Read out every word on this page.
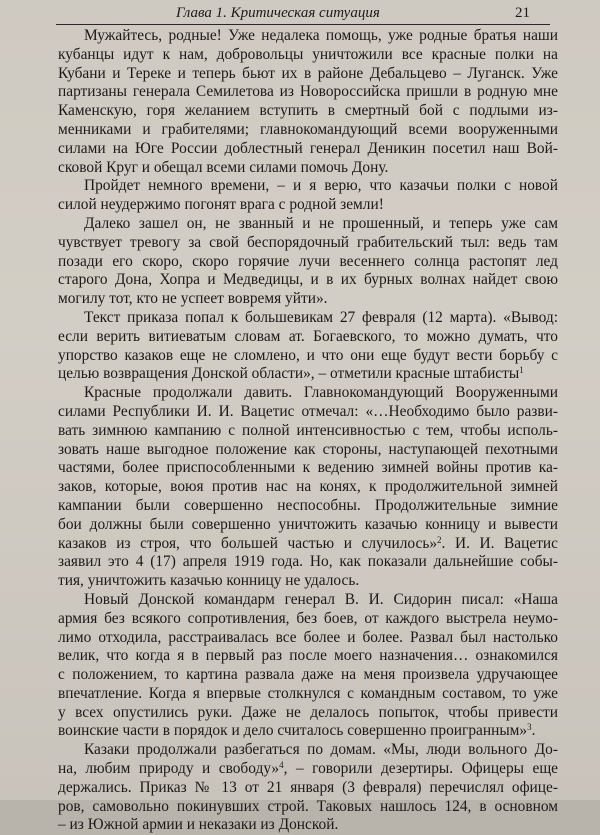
Глава 1. Критическая ситуация	21

Мужайтесь, родные! Уже недалека помощь, уже родные братья наши
кубанцы идут к нам, добровольцы уничтожили все красные полки на
Кубани и Тереке и теперь бьют их в районе Дебальцево – Луганск. Уже
партизаны генерала Семилетова из Новороссийска пришли в родную мне
Каменскую, горя желанием вступить в смертный бой с подлыми из-
менниками и грабителями; главнокомандующий всеми вооруженными
силами на Юге России доблестный генерал Деникин посетил наш Вой-
сковой Круг и обещал всеми силами помочь Дону.

Пройдет немного времени, – и я верю, что казачьи полки с новой
силой неудержимо погонят врага с родной земли!

Далеко зашел он, не званный и не прошенный, и теперь уже сам
чувствует тревогу за свой беспорядочный грабительский тыл: ведь там
позади его скоро, скоро горячие лучи весеннего солнца растопят лед
старого Дона, Хопра и Медведицы, и в их бурных волнах найдет свою
могилу тот, кто не успеет вовремя уйти».

Текст приказа попал к большевикам 27 февраля (12 марта). «Вывод:
если верить витиеватым словам ат. Богаевского, то можно думать, что
упорство казаков еще не сломлено, и что они еще будут вести борьбу с
целью возвращения Донской области», – отметили красные штабисты$^1$

Красные продолжали давить. Главнокомандующий Вооруженными
силами Республики И. И. Вацетис отмечал: «…Необходимо было разви-
вать зимнюю кампанию с полной интенсивностью с тем, чтобы исполь-
зовать наше выгодное положение как стороны, наступающей пехотными
частями, более приспособленными к ведению зимней войны против ка-
заков, которые, воюя против нас на конях, к продолжительной зимней
кампании были совершенно неспособны. Продолжительные зимние
бои должны были совершенно уничтожить казачью конницу и вывести
казаков из строя, что большей частью и случилось»$^2$. И. И. Вацетис
заявил это 4 (17) апреля 1919 года. Но, как показали дальнейшие собы-
тия, уничтожить казачью конницу не удалось.

Новый Донской командарм генерал В. И. Сидорин писал: «Наша
армия без всякого сопротивления, без боев, от каждого выстрела неумо-
лимо отходила, расстраивалась все более и более. Развал был настолько
велик, что когда я в первый раз после моего назначения… ознакомился
с положением, то картина развала даже на меня произвела удручающее
впечатление. Когда я впервые столкнулся с командным составом, то уже
у всех опустились руки. Даже не делалось попыток, чтобы привести
воинские части в порядок и дело считалось совершенно проигранным»$^3$.

Казаки продолжали разбегаться по домам. «Мы, люди вольного До-
на, любим природу и свободу»$^4$, – говорили дезертиры. Офицеры еще
держались. Приказ № 13 от 21 января (3 февраля) перечислял офице-
ров, самовольно покинувших строй. Таковых нашлось 124, в основном
– из Южной армии и неказаки из Донской.
